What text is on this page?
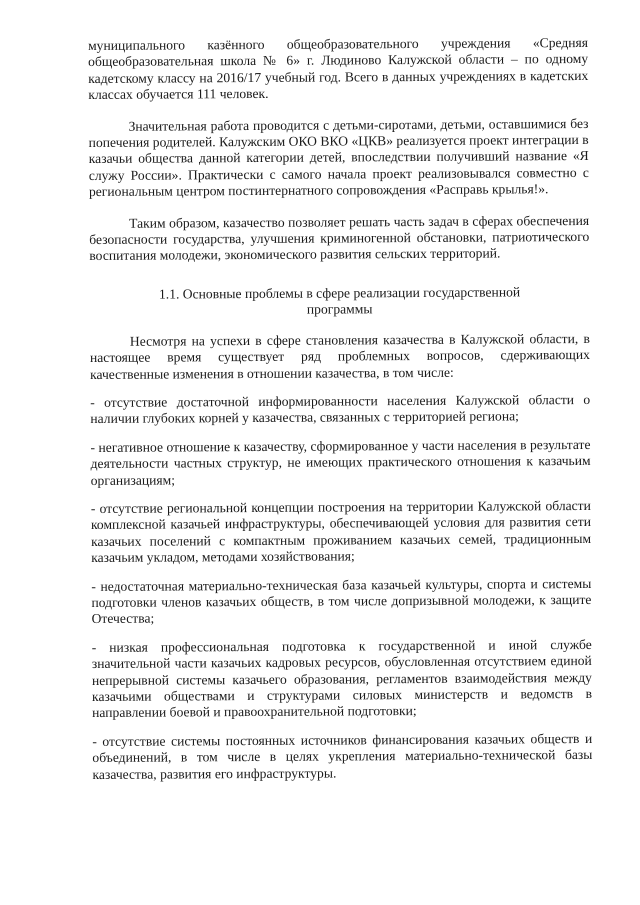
муниципального казённого общеобразовательного учреждения «Средняя общеобразовательная школа № 6» г. Людиново Калужской области – по одному кадетскому классу на 2016/17 учебный год. Всего в данных учреждениях в кадетских классах обучается 111 человек.

Значительная работа проводится с детьми-сиротами, детьми, оставшимися без попечения родителей. Калужским ОКО ВКО «ЦКВ» реализуется проект интеграции в казачьи общества данной категории детей, впоследствии получивший название «Я служу России». Практически с самого начала проект реализовывался совместно с региональным центром постинтернатного сопровождения «Расправь крылья!».

Таким образом, казачество позволяет решать часть задач в сферах обеспечения безопасности государства, улучшения криминогенной обстановки, патриотического воспитания молодежи, экономического развития сельских территорий.

1.1. Основные проблемы в сфере реализации государственной программы

Несмотря на успехи в сфере становления казачества в Калужской области, в настоящее время существует ряд проблемных вопросов, сдерживающих качественные изменения в отношении казачества, в том числе:

- отсутствие достаточной информированности населения Калужской области о наличии глубоких корней у казачества, связанных с территорией региона;

- негативное отношение к казачеству, сформированное у части населения в результате деятельности частных структур, не имеющих практического отношения к казачьим организациям;

- отсутствие региональной концепции построения на территории Калужской области комплексной казачьей инфраструктуры, обеспечивающей условия для развития сети казачьих поселений с компактным проживанием казачьих семей, традиционным казачьим укладом, методами хозяйствования;

- недостаточная материально-техническая база казачьей культуры, спорта и системы подготовки членов казачьих обществ, в том числе допризывной молодежи, к защите Отечества;

- низкая профессиональная подготовка к государственной и иной службе значительной части казачьих кадровых ресурсов, обусловленная отсутствием единой непрерывной системы казачьего образования, регламентов взаимодействия между казачьими обществами и структурами силовых министерств и ведомств в направлении боевой и правоохранительной подготовки;

- отсутствие системы постоянных источников финансирования казачьих обществ и объединений, в том числе в целях укрепления материально-технической базы казачества, развития его инфраструктуры.
